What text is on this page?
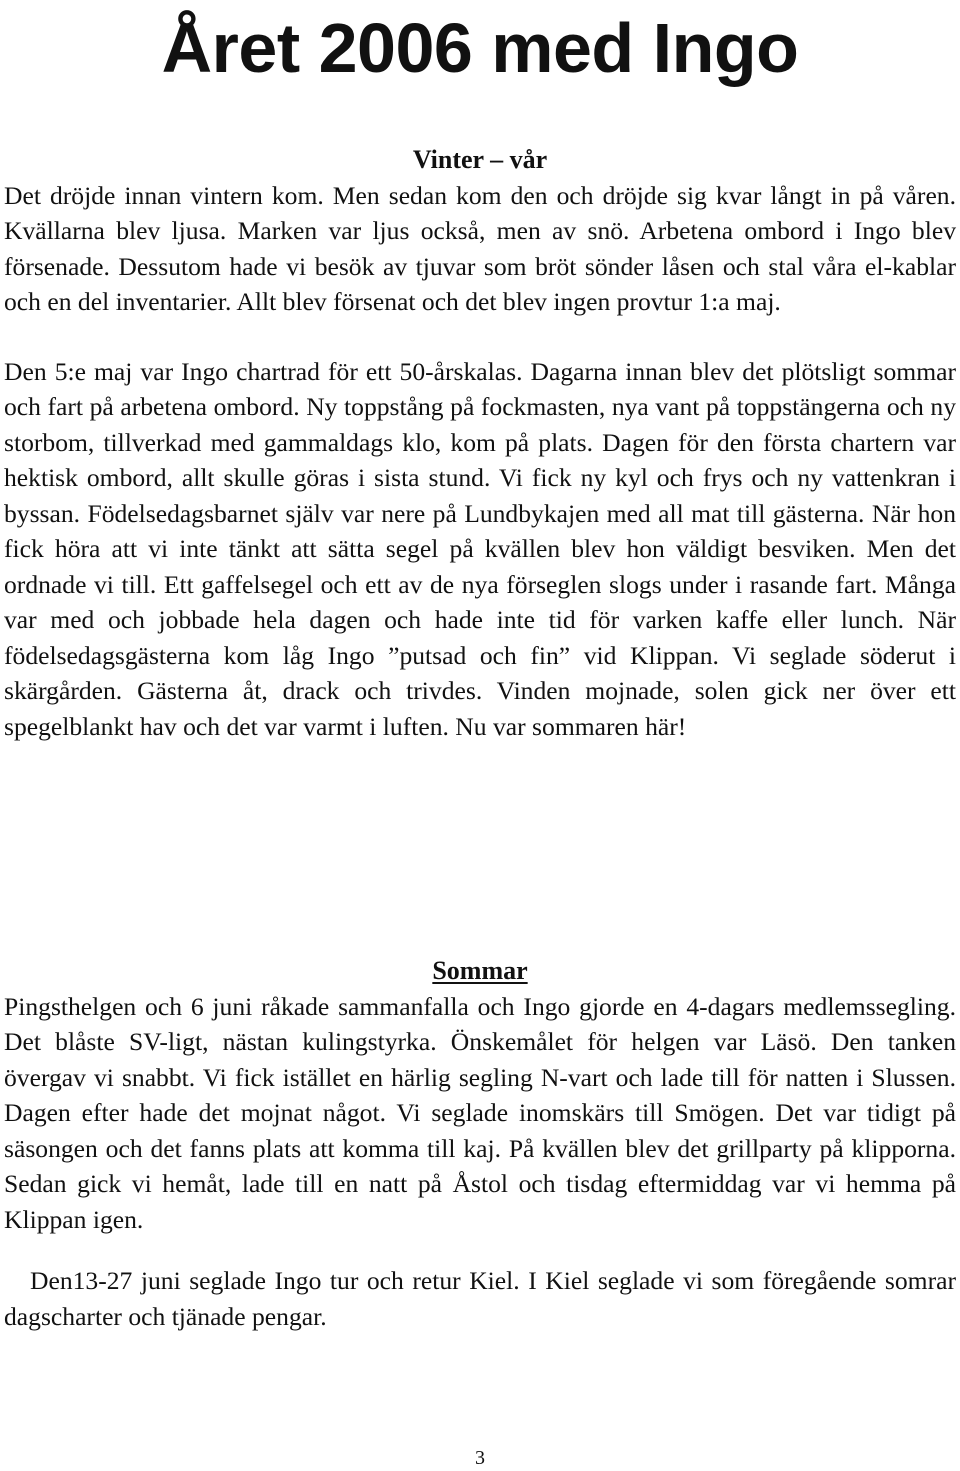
Året 2006 med Ingo
Vinter – vår

Det dröjde innan vintern kom. Men sedan kom den och dröjde sig kvar långt in på våren. Kvällarna blev ljusa. Marken var ljus också, men av snö. Arbetena ombord i Ingo blev försenade. Dessutom hade vi besök av tjuvar som bröt sönder låsen och stal våra el-kablar och en del inventarier. Allt blev försenat och det blev ingen provtur 1:a maj.

Den 5:e maj var Ingo chartrad för ett 50-årskalas. Dagarna innan blev det plötsligt sommar och fart på arbetena ombord. Ny toppstång på fockmasten, nya vant på toppstängerna och ny storbom, tillverkad med gammaldags klo, kom på plats. Dagen för den första chartern var hektisk ombord, allt skulle göras i sista stund. Vi fick ny kyl och frys och ny vattenkran i byssan. Födelsedagsbarnet själv var nere på Lundbykajen med all mat till gästerna. När hon fick höra att vi inte tänkt att sätta segel på kvällen blev hon väldigt besviken. Men det ordnade vi till. Ett gaffelsegel och ett av de nya förseglen slogs under i rasande fart. Många var med och jobbade hela dagen och hade inte tid för varken kaffe eller lunch. När födelsedagsgästerna kom låg Ingo ”putsad och fin” vid Klippan. Vi seglade söderut i skärgården. Gästerna åt, drack och trivdes. Vinden mojnade, solen gick ner över ett spegelblankt hav och det var varmt i luften. Nu var sommaren här!

Sommar

Pingsthelgen och 6 juni råkade sammanfalla och Ingo gjorde en 4-dagars medlemssegling. Det blåste SV-ligt, nästan kulingstyrka. Önskemålet för helgen var Läsö. Den tanken övergav vi snabbt. Vi fick istället en härlig segling N-vart och lade till för natten i Slussen. Dagen efter hade det mojnat något. Vi seglade inomskärs till Smögen. Det var tidigt på säsongen och det fanns plats att komma till kaj. På kvällen blev det grillparty på klipporna. Sedan gick vi hemåt, lade till en natt på Åstol och tisdag eftermiddag var vi hemma på Klippan igen.

Den13-27 juni seglade Ingo tur och retur Kiel. I Kiel seglade vi som föregående somrar dagscharter och tjänade pengar.

3
